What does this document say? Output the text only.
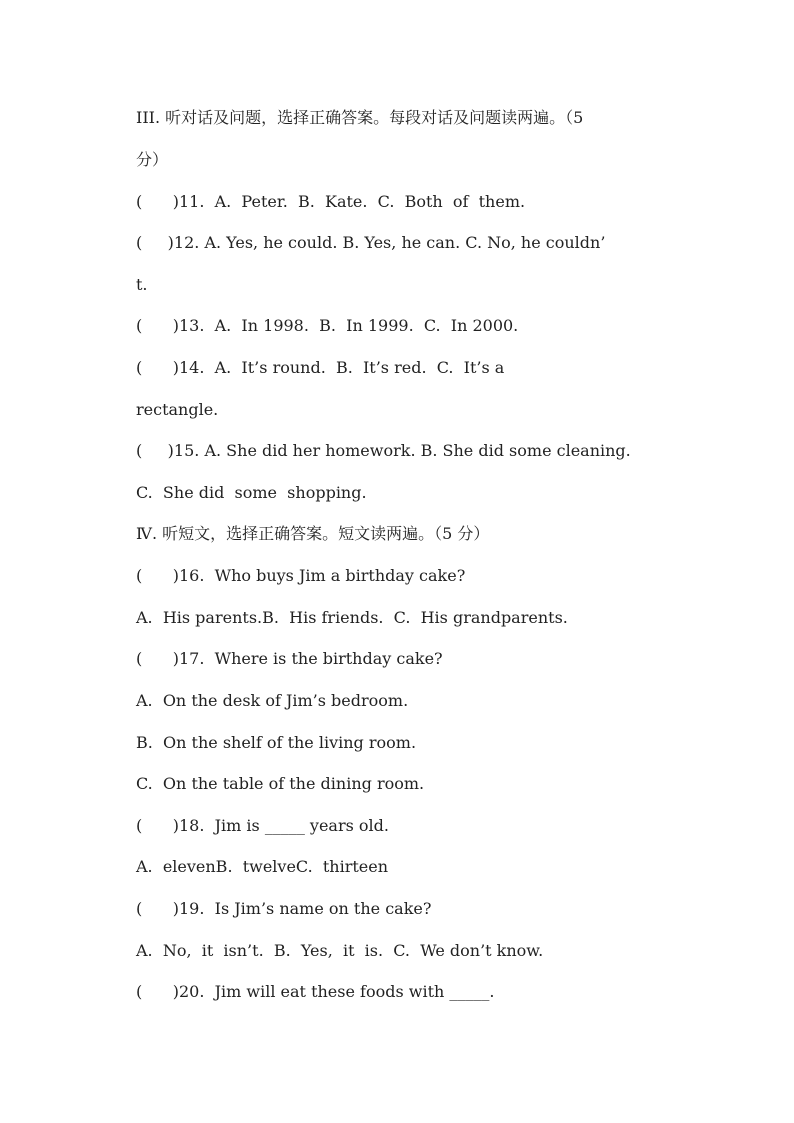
III. 听对话及问题，选择正确答案。每段对话及问题读两遍。（5
分）
(      )11.  A.  Peter.  B.  Kate.  C.  Both  of  them.
(     )12. A. Yes, he could. B. Yes, he can. C. No, he couldn’
t.
(      )13.  A.  In 1998.  B.  In 1999.  C.  In 2000.
(      )14.  A.  It’s round.  B.  It’s red.  C.  It’s a
rectangle.
(     )15. A. She did her homework. B. She did some cleaning.
C.  She did  some  shopping.
Ⅳ. 听短文，选择正确答案。短文读两遍。（5 分）
(      )16.  Who buys Jim a birthday cake?
A.  His parents.B.  His friends.  C.  His grandparents.
(      )17.  Where is the birthday cake?
A.  On the desk of Jim’s bedroom.
B.  On the shelf of the living room.
C.  On the table of the dining room.
(      )18.  Jim is _____ years old.
A.  elevenB.  twelveC.  thirteen
(      )19.  Is Jim’s name on the cake?
A.  No,  it  isn’t.  B.  Yes,  it  is.  C.  We don’t know.
(      )20.  Jim will eat these foods with _____.
